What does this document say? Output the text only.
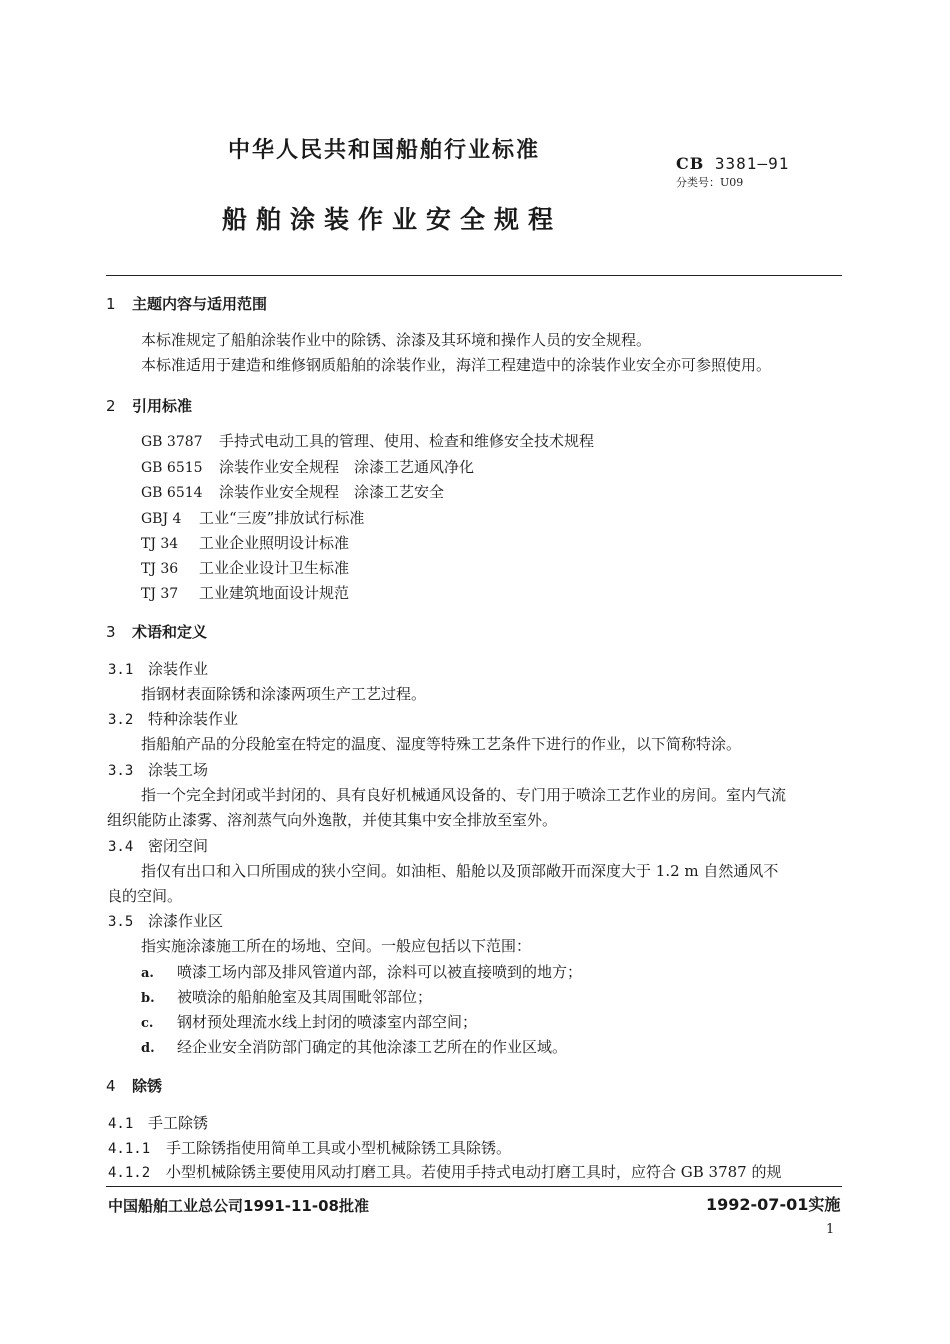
中华人民共和国船舶行业标准
CB 3381—91
分类号：U09
船舶涂装作业安全规程
1 主题内容与适用范围
本标准规定了船舶涂装作业中的除锈、涂漆及其环境和操作人员的安全规程。
本标准适用于建造和维修钢质船舶的涂装作业，海洋工程建造中的涂装作业安全亦可参照使用。
2 引用标准
GB 3787 手持式电动工具的管理、使用、检查和维修安全技术规程
GB 6515 涂装作业安全规程　涂漆工艺通风净化
GB 6514 涂装作业安全规程　涂漆工艺安全
GBJ 4 工业“三废”排放试行标准
TJ 34 工业企业照明设计标准
TJ 36 工业企业设计卫生标准
TJ 37 工业建筑地面设计规范
3 术语和定义
3.1 涂装作业
指钢材表面除锈和涂漆两项生产工艺过程。
3.2 特种涂装作业
指船舶产品的分段舱室在特定的温度、湿度等特殊工艺条件下进行的作业，以下简称特涂。
3.3 涂装工场
指一个完全封闭或半封闭的、具有良好机械通风设备的、专门用于喷涂工艺作业的房间。室内气流
组织能防止漆雾、溶剂蒸气向外逸散，并使其集中安全排放至室外。
3.4 密闭空间
指仅有出口和入口所围成的狭小空间。如油柜、船舱以及顶部敞开而深度大于 1.2 m 自然通风不
良的空间。
3.5 涂漆作业区
指实施涂漆施工所在的场地、空间。一般应包括以下范围：
a. 喷漆工场内部及排风管道内部，涂料可以被直接喷到的地方；
b. 被喷涂的船舶舱室及其周围毗邻部位；
c. 钢材预处理流水线上封闭的喷漆室内部空间；
d. 经企业安全消防部门确定的其他涂漆工艺所在的作业区域。
4 除锈
4.1 手工除锈
4.1.1 手工除锈指使用简单工具或小型机械除锈工具除锈。
4.1.2 小型机械除锈主要使用风动打磨工具。若使用手持式电动打磨工具时，应符合 GB 3787 的规
中国船舶工业总公司1991-11-08批准	1992-07-01实施
1
